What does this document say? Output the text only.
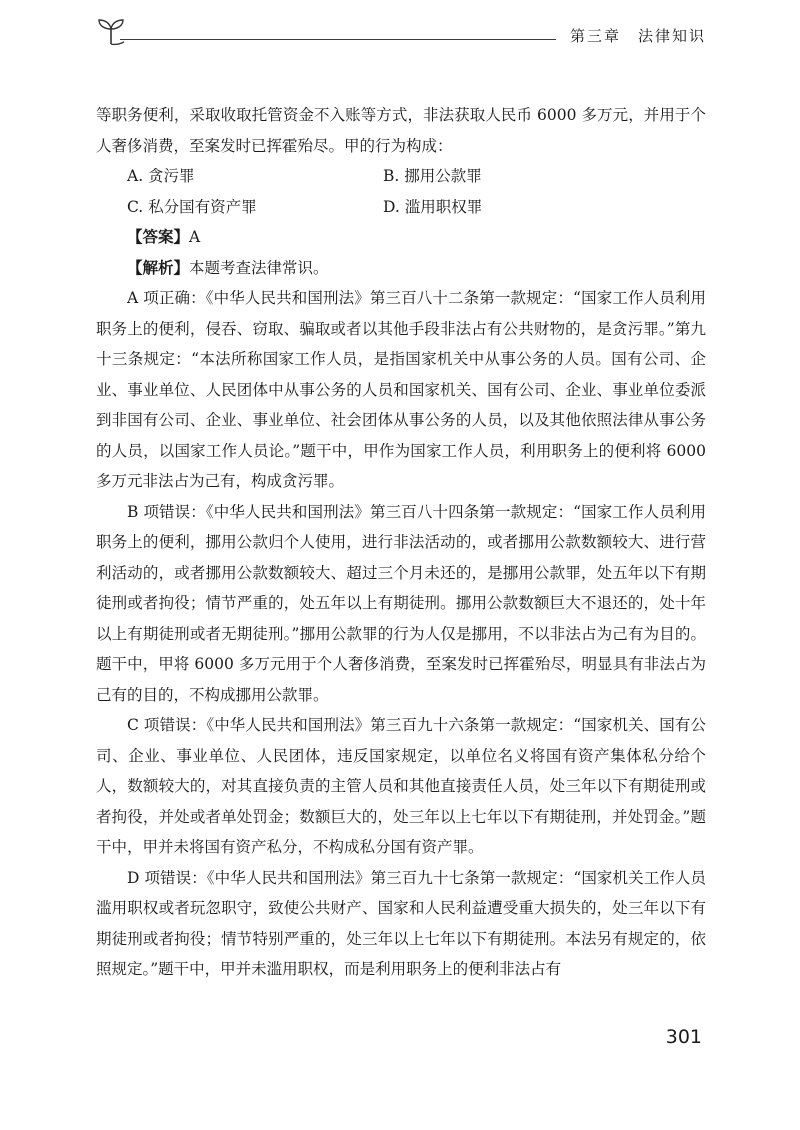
第三章　法律知识

等职务便利，采取收取托管资金不入账等方式，非法获取人民币 6000 多万元，并用于个人奢侈消费，至案发时已挥霍殆尽。甲的行为构成：

A. 贪污罪	B. 挪用公款罪
C. 私分国有资产罪	D. 滥用职权罪
【答案】A
【解析】本题考查法律常识。

A 项正确：《中华人民共和国刑法》第三百八十二条第一款规定：“国家工作人员利用职务上的便利，侵吞、窃取、骗取或者以其他手段非法占有公共财物的，是贪污罪。”第九十三条规定：“本法所称国家工作人员，是指国家机关中从事公务的人员。国有公司、企业、事业单位、人民团体中从事公务的人员和国家机关、国有公司、企业、事业单位委派到非国有公司、企业、事业单位、社会团体从事公务的人员，以及其他依照法律从事公务的人员，以国家工作人员论。”题干中，甲作为国家工作人员，利用职务上的便利将 6000 多万元非法占为己有，构成贪污罪。

B 项错误：《中华人民共和国刑法》第三百八十四条第一款规定：“国家工作人员利用职务上的便利，挪用公款归个人使用，进行非法活动的，或者挪用公款数额较大、进行营利活动的，或者挪用公款数额较大、超过三个月未还的，是挪用公款罪，处五年以下有期徒刑或者拘役；情节严重的，处五年以上有期徒刑。挪用公款数额巨大不退还的，处十年以上有期徒刑或者无期徒刑。”挪用公款罪的行为人仅是挪用，不以非法占为己有为目的。题干中，甲将 6000 多万元用于个人奢侈消费，至案发时已挥霍殆尽，明显具有非法占为己有的目的，不构成挪用公款罪。

C 项错误：《中华人民共和国刑法》第三百九十六条第一款规定：“国家机关、国有公司、企业、事业单位、人民团体，违反国家规定，以单位名义将国有资产集体私分给个人，数额较大的，对其直接负责的主管人员和其他直接责任人员，处三年以下有期徒刑或者拘役，并处或者单处罚金；数额巨大的，处三年以上七年以下有期徒刑，并处罚金。”题干中，甲并未将国有资产私分，不构成私分国有资产罪。

D 项错误：《中华人民共和国刑法》第三百九十七条第一款规定：“国家机关工作人员滥用职权或者玩忽职守，致使公共财产、国家和人民利益遭受重大损失的，处三年以下有期徒刑或者拘役；情节特别严重的，处三年以上七年以下有期徒刑。本法另有规定的，依照规定。”题干中，甲并未滥用职权，而是利用职务上的便利非法占有

301
